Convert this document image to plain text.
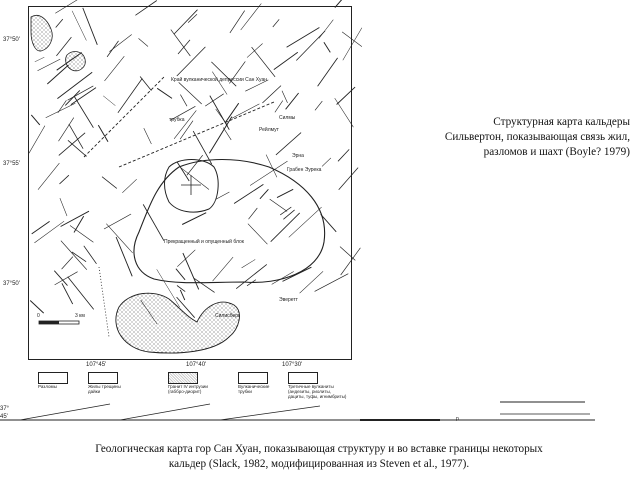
37°50'
37°55'
37°50'
Край вулканической депрессии Сан Хуан
трубка
Грабен Эурека
Прекращенный и опущенный блок
Силисберг
Рейлмут
Силмы
Эрна
Эверетт
0	3 км
107°45'	107°40'	107°30'
Разломы	Жилы трещины дайки
Гранит IV интрузии (габбро-диорит)
Вулканические трубки
Третичные вулканиты (андезиты, риолиты, дациты, туфы, игнимбриты)
37°
45'	р
Структурная карта кальдеры
Сильвертон, показывающая связь жил,
разломов и шахт (Boyle? 1979)
Геологическая карта гор Сан Хуан, показывающая структуру и во вставке границы некоторых
кальдер (Slack, 1982, модифицированная из Steven et al., 1977).
